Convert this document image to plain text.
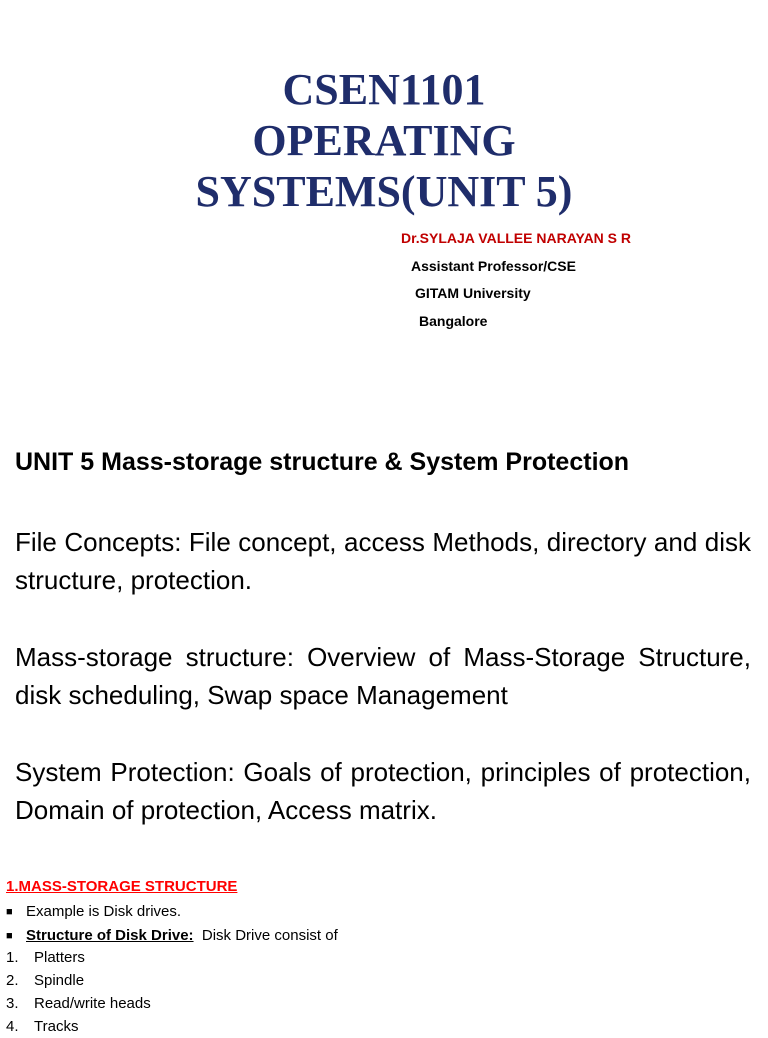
CSEN1101
OPERATING
SYSTEMS(UNIT 5)
Dr.SYLAJA VALLEE NARAYAN S R
Assistant Professor/CSE
GITAM University
Bangalore
UNIT 5 Mass-storage structure & System Protection
File Concepts: File concept, access Methods, directory and disk structure, protection.
Mass-storage structure: Overview of Mass-Storage Structure, disk scheduling, Swap space Management
System Protection: Goals of protection, principles of protection, Domain of protection, Access matrix.
1.MASS-STORAGE STRUCTURE
■ Example is Disk drives.
■ Structure of Disk Drive:  Disk Drive consist of
1. Platters
2. Spindle
3. Read/write heads
4. Tracks
